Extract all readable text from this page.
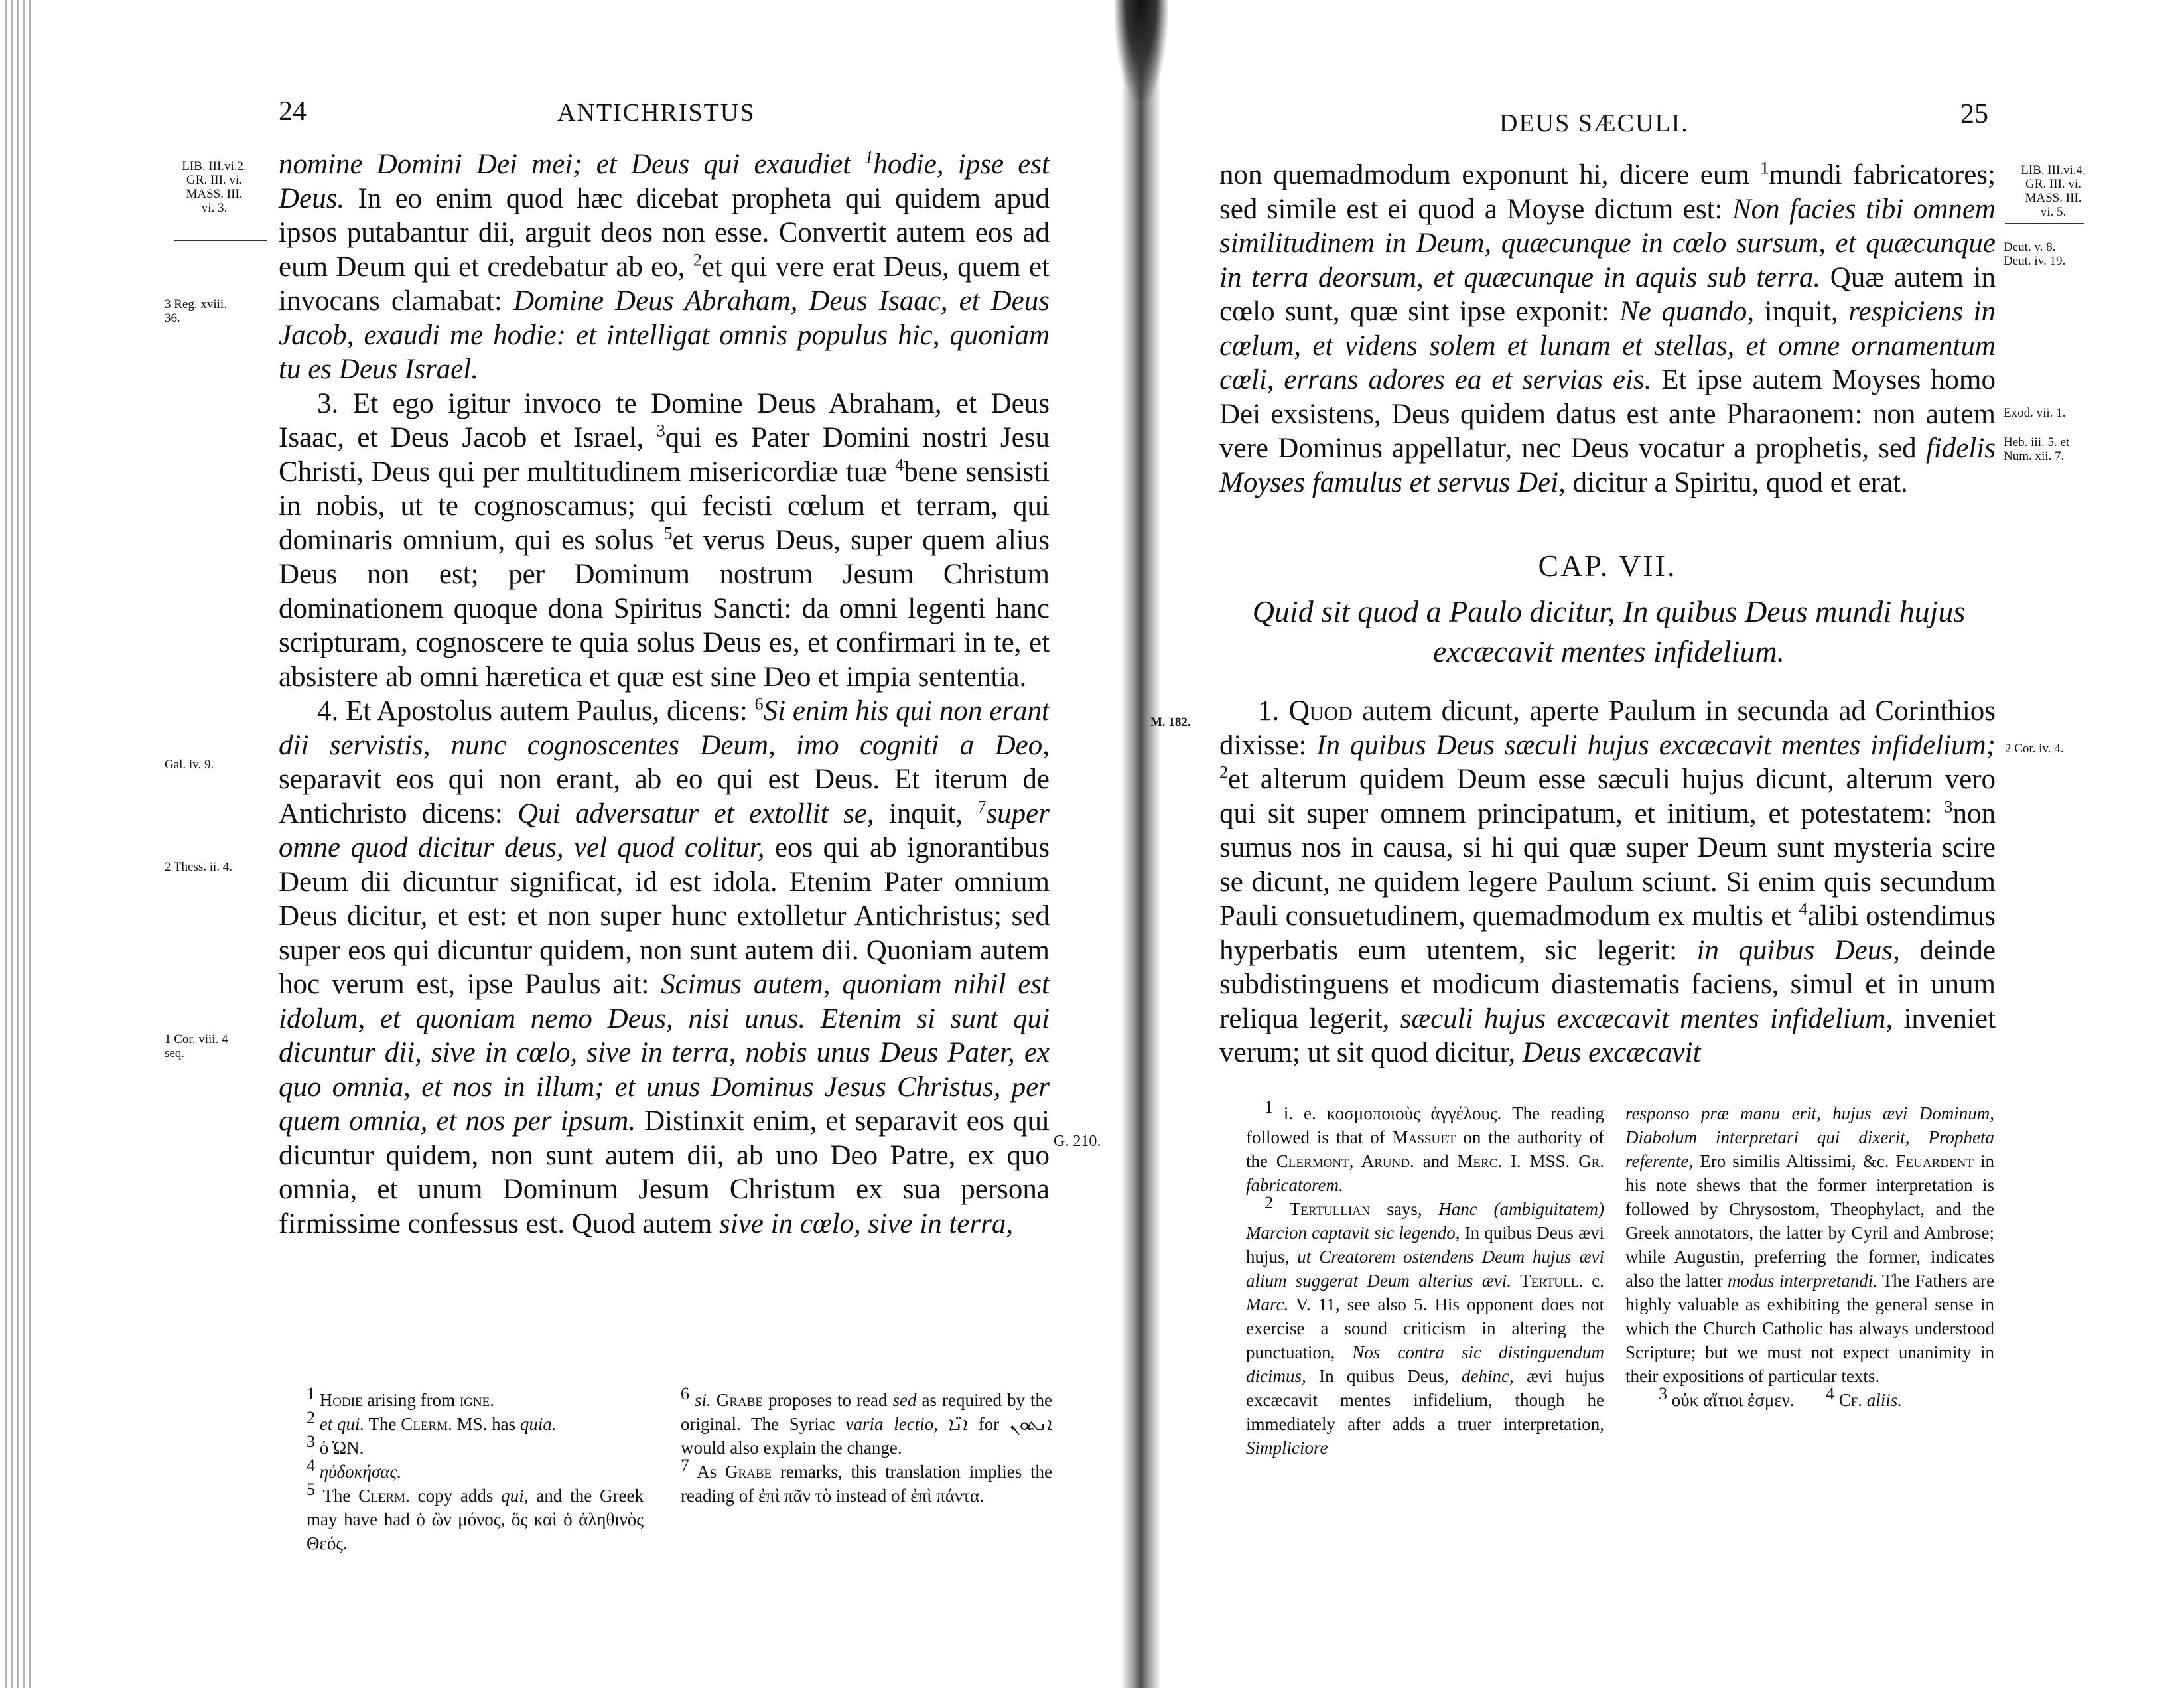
24	ANTICHRISTUS
LIB. III.vi.2.
GR. III. vi.
MASS. III.
vi. 3.
3 Reg. xviii.
36.
Gal. iv. 9.
2 Thess. ii. 4.
1 Cor. viii. 4
seq.
G. 210.

nomine Domini Dei mei; et Deus qui exaudiet $^1$hodie, ipse est Deus. In eo enim quod hæc dicebat propheta qui quidem apud ipsos putabantur dii, arguit deos non esse. Convertit autem eos ad eum Deum qui et credebatur ab eo, $^2$et qui vere erat Deus, quem et invocans clamabat: Domine Deus Abraham, Deus Isaac, et Deus Jacob, exaudi me hodie: et intelligat omnis populus hic, quoniam tu es Deus Israel.

3. Et ego igitur invoco te Domine Deus Abraham, et Deus Isaac, et Deus Jacob et Israel, $^3$qui es Pater Domini nostri Jesu Christi, Deus qui per multitudinem misericordiæ tuæ $^4$bene sensisti in nobis, ut te cognoscamus; qui fecisti cœlum et terram, qui dominaris omnium, qui es solus $^5$et verus Deus, super quem alius Deus non est; per Dominum nostrum Jesum Christum dominationem quoque dona Spiritus Sancti: da omni legenti hanc scripturam, cognoscere te quia solus Deus es, et confirmari in te, et absistere ab omni hæretica et quæ est sine Deo et impia sententia.

4. Et Apostolus autem Paulus, dicens: $^6$Si enim his qui non erant dii servistis, nunc cognoscentes Deum, imo cogniti a Deo, separavit eos qui non erant, ab eo qui est Deus. Et iterum de Antichristo dicens: Qui adversatur et extollit se, inquit, $^7$super omne quod dicitur deus, vel quod colitur, eos qui ab ignorantibus Deum dii dicuntur significat, id est idola. Etenim Pater omnium Deus dicitur, et est: et non super hunc extolletur Antichristus; sed super eos qui dicuntur quidem, non sunt autem dii. Quoniam autem hoc verum est, ipse Paulus ait: Scimus autem, quoniam nihil est idolum, et quoniam nemo Deus, nisi unus. Etenim si sunt qui dicuntur dii, sive in cœlo, sive in terra, nobis unus Deus Pater, ex quo omnia, et nos in illum; et unus Dominus Jesus Christus, per quem omnia, et nos per ipsum. Distinxit enim, et separavit eos qui dicuntur quidem, non sunt autem dii, ab uno Deo Patre, ex quo omnia, et unum Dominum Jesum Christum ex sua persona firmissime confessus est. Quod autem sive in cœlo, sive in terra,

$^1$ Hodie arising from igne.

$^2$ et qui. The Clerm. MS. has quia.

$^3$ ὁ ̓ΩΝ.

$^4$ ηὐδοκήσας.

$^5$ The Clerm. copy adds qui, and the Greek may have had ὁ ὢν μόνος, ὅς καὶ ὁ ἀληθινὸς Θεός.

$^6$ si. Grabe proposes to read sed as required by the original. The Syriac varia lectio, ܐܢ̈ܐ for ܐܢܬܘܢ would also explain the change.

$^7$ As Grabe remarks, this translation implies the reading of ἐπὶ πᾶν τὸ instead of ἐπὶ πάντα.

DEUS SÆCULI.	25

non quemadmodum exponunt hi, dicere eum $^1$mundi fabricatores; sed simile est ei quod a Moyse dictum est: Non facies tibi omnem similitudinem in Deum, quæcunque in cœlo sursum, et quæcunque in terra deorsum, et quæcunque in aquis sub terra. Quæ autem in cœlo sunt, quæ sint ipse exponit: Ne quando, inquit, respiciens in cœlum, et videns solem et lunam et stellas, et omne ornamentum cœli, errans adores ea et servias eis. Et ipse autem Moyses homo Dei exsistens, Deus quidem datus est ante Pharaonem: non autem vere Dominus appellatur, nec Deus vocatur a prophetis, sed fidelis Moyses famulus et servus Dei, dicitur a Spiritu, quod et erat.

LIB. III.vi.4.
GR. III. vi.
MASS. III.
vi. 5.
Deut. v. 8.
Deut. iv. 19.
Exod. vii. 1.
Heb. iii. 5. et
Num. xii. 7.
M. 182.
2 Cor. iv. 4.
CAP. VII.
Quid sit quod a Paulo dicitur, In quibus Deus mundi hujus excæcavit mentes infidelium.

1. Quod autem dicunt, aperte Paulum in secunda ad Corinthios dixisse: In quibus Deus sæculi hujus excæcavit mentes infidelium; $^2$et alterum quidem Deum esse sæculi hujus dicunt, alterum vero qui sit super omnem principatum, et initium, et potestatem: $^3$non sumus nos in causa, si hi qui quæ super Deum sunt mysteria scire se dicunt, ne quidem legere Paulum sciunt. Si enim quis secundum Pauli consuetudinem, quemadmodum ex multis et $^4$alibi ostendimus hyperbatis eum utentem, sic legerit: in quibus Deus, deinde subdistinguens et modicum diastematis faciens, simul et in unum reliqua legerit, sæculi hujus excæcavit mentes infidelium, inveniet verum; ut sit quod dicitur, Deus excæcavit

$^1$ i. e. κοσμοποιοὺς ἀγγέλους. The reading followed is that of Massuet on the authority of the Clermont, Arund. and Merc. I. MSS. Gr. fabricatorem.

$^2$ Tertullian says, Hanc (ambiguitatem) Marcion captavit sic legendo, In quibus Deus ævi hujus, ut Creatorem ostendens Deum hujus ævi alium suggerat Deum alterius ævi. Tertull. c. Marc. V. 11, see also 5. His opponent does not exercise a sound criticism in altering the punctuation, Nos contra sic distinguendum dicimus, In quibus Deus, dehinc, ævi hujus excæcavit mentes infidelium, though he immediately after adds a truer interpretation, Simpliciore

responso præ manu erit, hujus ævi Dominum, Diabolum interpretari qui dixerit, Propheta referente, Ero similis Altissimi, &c. Feuardent in his note shews that the former interpretation is followed by Chrysostom, Theophylact, and the Greek annotators, the latter by Cyril and Ambrose; while Augustin, preferring the former, indicates also the latter modus interpretandi. The Fathers are highly valuable as exhibiting the general sense in which the Church Catholic has always understood Scripture; but we must not expect unanimity in their expositions of particular texts.

$^3$ οὐκ αἴτιοι ἐσμεν.       $^4$ Cf. aliis.
